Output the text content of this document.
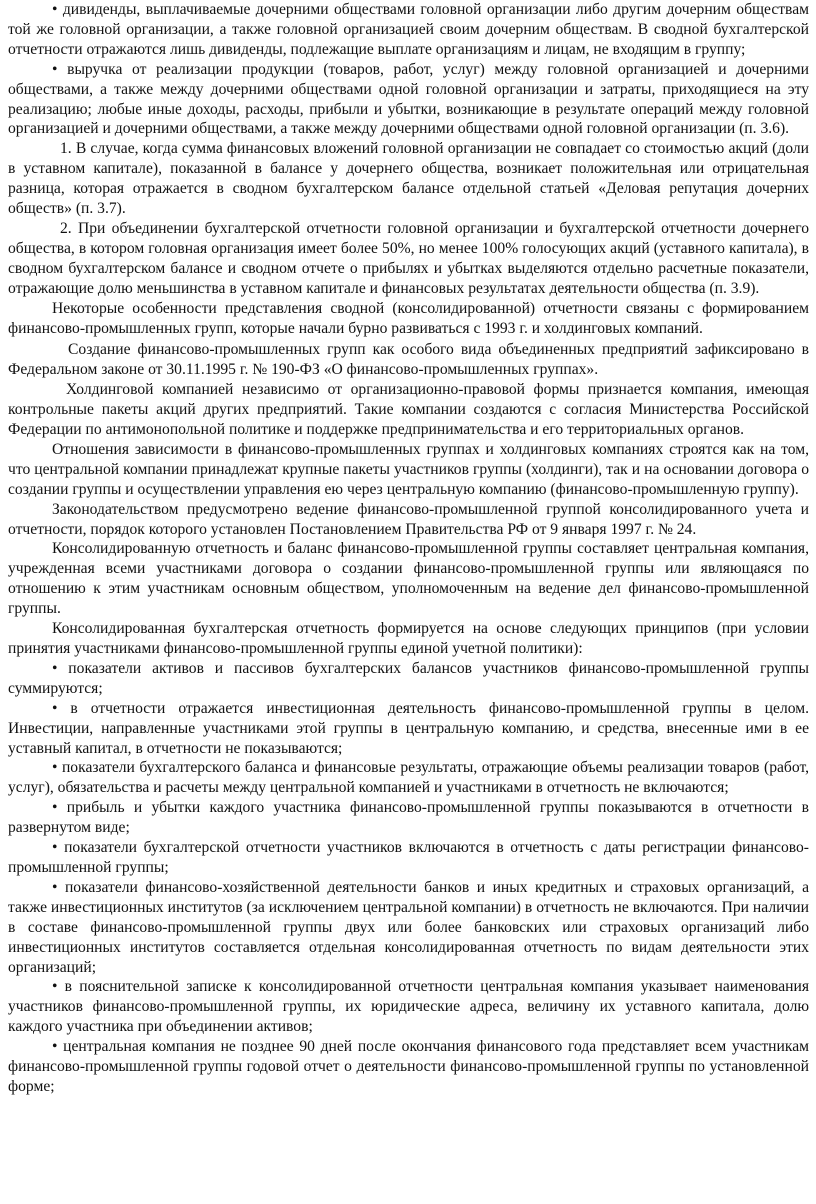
• дивиденды, выплачиваемые дочерними обществами головной организации либо другим дочерним обществам той же головной организации, а также головной организацией своим дочерним обществам. В сводной бухгалтерской отчетности отражаются лишь дивиденды, подлежащие выплате организациям и лицам, не входящим в группу;

• выручка от реализации продукции (товаров, работ, услуг) между головной организацией и дочерними обществами, а также между дочерними обществами одной головной организации и затраты, приходящиеся на эту реализацию; любые иные доходы, расходы, прибыли и убытки, возникающие в результате операций между головной организацией и дочерними обществами, а также между дочерними обществами одной головной организации (п. 3.6).

1. В случае, когда сумма финансовых вложений головной организации не совпадает со стоимостью акций (доли в уставном капитале), показанной в балансе у дочернего общества, возникает положительная или отрицательная разница, которая отражается в сводном бухгалтерском балансе отдельной статьей «Деловая репутация дочерних обществ» (п. 3.7).

2. При объединении бухгалтерской отчетности головной организации и бухгалтерской отчетности дочернего общества, в котором головная организация имеет более 50%, но менее 100% голосующих акций (уставного капитала), в сводном бухгалтерском балансе и сводном отчете о прибылях и убытках выделяются отдельно расчетные показатели, отражающие долю меньшинства в уставном капитале и финансовых результатах деятельности общества (п. 3.9).

Некоторые особенности представления сводной (консолидированной) отчетности связаны с формированием финансово-промышленных групп, которые начали бурно развиваться с 1993 г. и холдинговых компаний.

Создание финансово-промышленных групп как особого вида объединенных предприятий зафиксировано в Федеральном законе от 30.11.1995 г. № 190-ФЗ «О финансово-промышленных группах».

Холдинговой компанией независимо от организационно-правовой формы признается компания, имеющая контрольные пакеты акций других предприятий. Такие компании создаются с согласия Министерства Российской Федерации по антимонопольной политике и поддержке предпринимательства и его территориальных органов.

Отношения зависимости в финансово-промышленных группах и холдинговых компаниях строятся как на том, что центральной компании принадлежат крупные пакеты участников группы (холдинги), так и на основании договора о создании группы и осуществлении управления ею через центральную компанию (финансово-промышленную группу).

Законодательством предусмотрено ведение финансово-промышленной группой консолидированного учета и отчетности, порядок которого установлен Постановлением Правительства РФ от 9 января 1997 г. № 24.

Консолидированную отчетность и баланс финансово-промышленной группы составляет центральная компания, учрежденная всеми участниками договора о создании финансово-промышленной группы или являющаяся по отношению к этим участникам основным обществом, уполномоченным на ведение дел финансово-промышленной группы.

Консолидированная бухгалтерская отчетность формируется на основе следующих принципов (при условии принятия участниками финансово-промышленной группы единой учетной политики):

• показатели активов и пассивов бухгалтерских балансов участников финансово-промышленной группы суммируются;

• в отчетности отражается инвестиционная деятельность финансово-промышленной группы в целом. Инвестиции, направленные участниками этой группы в центральную компанию, и средства, внесенные ими в ее уставный капитал, в отчетности не показываются;

• показатели бухгалтерского баланса и финансовые результаты, отражающие объемы реализации товаров (работ, услуг), обязательства и расчеты между центральной компанией и участниками в отчетность не включаются;

• прибыль и убытки каждого участника финансово-промышленной группы показываются в отчетности в развернутом виде;

• показатели бухгалтерской отчетности участников включаются в отчетность с даты регистрации финансово-промышленной группы;

• показатели финансово-хозяйственной деятельности банков и иных кредитных и страховых организаций, а также инвестиционных институтов (за исключением центральной компании) в отчетность не включаются. При наличии в составе финансово-промышленной группы двух или более банковских или страховых организаций либо инвестиционных институтов составляется отдельная консолидированная отчетность по видам деятельности этих организаций;

• в пояснительной записке к консолидированной отчетности центральная компания указывает наименования участников финансово-промышленной группы, их юридические адреса, величину их уставного капитала, долю каждого участника при объединении активов;

• центральная компания не позднее 90 дней после окончания финансового года представляет всем участникам финансово-промышленной группы годовой отчет о деятельности финансово-промышленной группы по установленной форме;
